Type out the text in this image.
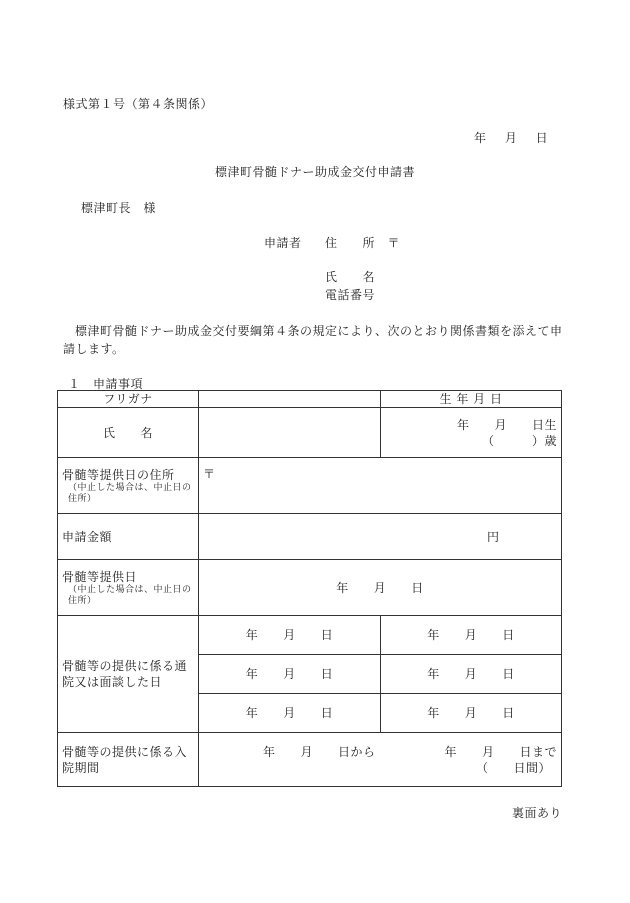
様式第１号（第４条関係）
年 月 日
標津町骨髄ドナー助成金交付申請書
標津町長　様
申請者 住　　所　〒
氏　　名
電話番号
標津町骨髄ドナー助成金交付要綱第４条の規定により、次のとおり関係書類を添えて申請します。
１　申請事項
フリガナ		生 年 月 日
氏　　名		年　　月　　日生
（　　　）歳

骨髄等提供日の住所
（中止した場合は、中止日の住所）	〒	
申請金額	円	
骨髄等提供日
（中止した場合は、中止日の住所）	年　　月　　日	
骨髄等の提供に係る通院又は面談した日	年　　月　　日	年　　月　　日
	年　　月　　日	年　　月　　日
	年　　月　　日	年　　月　　日
骨髄等の提供に係る入院期間	年　　月　　日から 年　　月　　日まで
（　　日間）	
裏面あり
